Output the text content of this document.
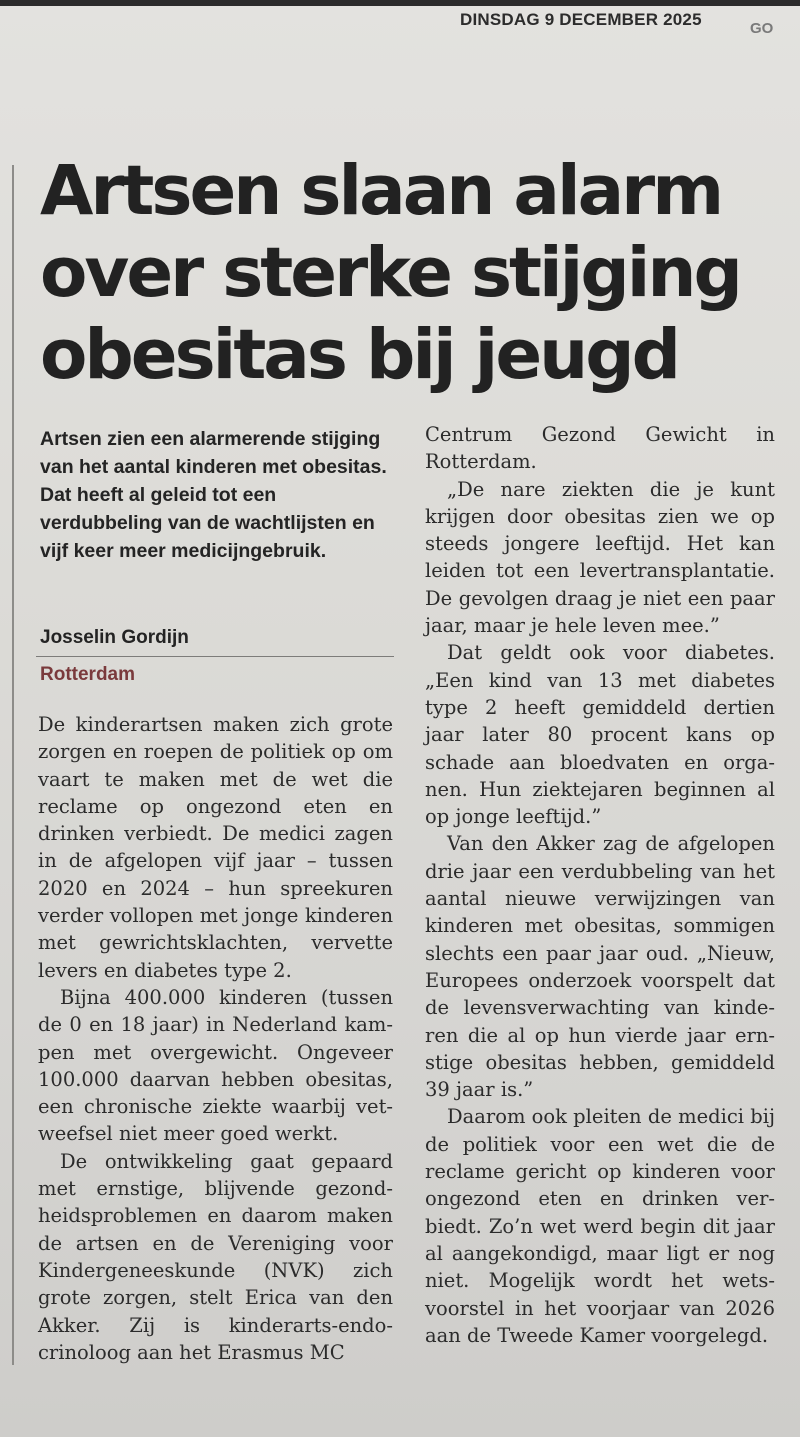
DINSDAG 9 DECEMBER 2025	GO
Artsen slaan alarm over sterke stijging obesitas bij jeugd
Artsen zien een alarmerende stijging van het aantal kinderen met obesitas. Dat heeft al geleid tot een verdubbeling van de wachtlijsten en vijf keer meer medicijngebruik.
Josselin Gordijn
Rotterdam

De kinderartsen maken zich grote zorgen en roepen de politiek op om vaart te maken met de wet die reclame op ongezond eten en drinken verbiedt. De medici zagen in de afgelopen vijf jaar – tussen 2020 en 2024 – hun spreekuren verder vollopen met jonge kinderen met gewrichtsklachten, vervette levers en diabetes type 2.

Bijna 400.000 kinderen (tussen de 0 en 18 jaar) in Nederland kampen met overgewicht. Ongeveer 100.000 daarvan hebben obesitas, een chronische ziekte waarbij vetweefsel niet meer goed werkt.

De ontwikkeling gaat gepaard met ernstige, blijvende gezondheidsproblemen en daarom maken de artsen en de Vereniging voor Kindergeneeskunde (NVK) zich grote zorgen, stelt Erica van den Akker. Zij is kinderarts-endocrinoloog aan het Erasmus MC

Centrum Gezond Gewicht in Rotterdam.

„De nare ziekten die je kunt krijgen door obesitas zien we op steeds jongere leeftijd. Het kan leiden tot een levertransplantatie. De gevolgen draag je niet een paar jaar, maar je hele leven mee.”

Dat geldt ook voor diabetes. „Een kind van 13 met diabetes type 2 heeft gemiddeld dertien jaar later 80 procent kans op schade aan bloedvaten en organen. Hun ziektejaren beginnen al op jonge leeftijd.”

Van den Akker zag de afgelopen drie jaar een verdubbeling van het aantal nieuwe verwijzingen van kinderen met obesitas, sommigen slechts een paar jaar oud. „Nieuw, Europees onderzoek voorspelt dat de levensverwachting van kinderen die al op hun vierde jaar ernstige obesitas hebben, gemiddeld 39 jaar is.”

Daarom ook pleiten de medici bij de politiek voor een wet die de reclame gericht op kinderen voor ongezond eten en drinken verbiedt. Zo’n wet werd begin dit jaar al aangekondigd, maar ligt er nog niet. Mogelijk wordt het wetsvoorstel in het voorjaar van 2026 aan de Tweede Kamer voorgelegd.
